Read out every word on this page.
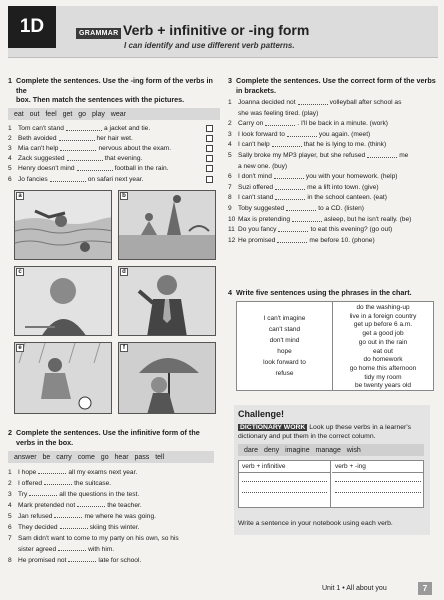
1D	GRAMMAR Verb + infinitive or -ing form
I can identify and use different verb patterns.
1 Complete the sentences. Use the -ing form of the verbs in the
box. Then match the sentences with the pictures.
eat out feel get go play wear
1 Tom can't stand	a jacket and tie.
2 Beth avoided	her hair wet.
3 Mia can't help	nervous about the exam.
4 Zack suggested	that evening.
5 Henry doesn't mind	football in the rain.
6 Jo fancies	on safari next year.
a	b
c	d
e	f
2 Complete the sentences. Use the infinitive form of the
verbs in the box.
answer be carry come go hear pass tell
1 I hope	all my exams next year.
2 I offered	the suitcase.
3 Try	all the questions in the test.
4 Mark pretended not	the teacher.
5 Jan refused	me where he was going.
6 They decided	skiing this winter.
7 Sam didn't want to come to my party on his own, so his
sister agreed	with him.
8 He promised not	late for school.
3 Complete the sentences. Use the correct form of the verbs
in brackets.
1 Joanna decided not	volleyball after school as
she was feeling tired. (play)
2 Carry on	. I'll be back in a minute. (work)
3 I look forward to	you again. (meet)
4 I can't help	that he is lying to me. (think)
5 Sally broke my MP3 player, but she refused	me
a new one. (buy)
6 I don't mind	you with your homework. (help)
7 Suzi offered	me a lift into town. (give)
8 I can't stand	in the school canteen. (eat)
9 Toby suggested	to a CD. (listen)
10 Max is pretending	asleep, but he isn't really. (be)
11 Do you fancy	to eat this evening? (go out)
12 He promised	me before 10. (phone)
4 Write five sentences using the phrases in the chart.
I can't imagine
can't stand
don't mind
hope
look forward to
refuse
do the washing-up
live in a foreign country
get up before 6 a.m.
get a good job
go out in the rain
eat out
do homework
go home this afternoon
tidy my room
be twenty years old
Challenge!
DICTIONARY WORK Look up these verbs in a learner's
dictionary and put them in the correct column.
dare deny imagine manage wish
verb + infinitive	verb + -ing
Write a sentence in your notebook using each verb.
Unit 1 • All about you	7
